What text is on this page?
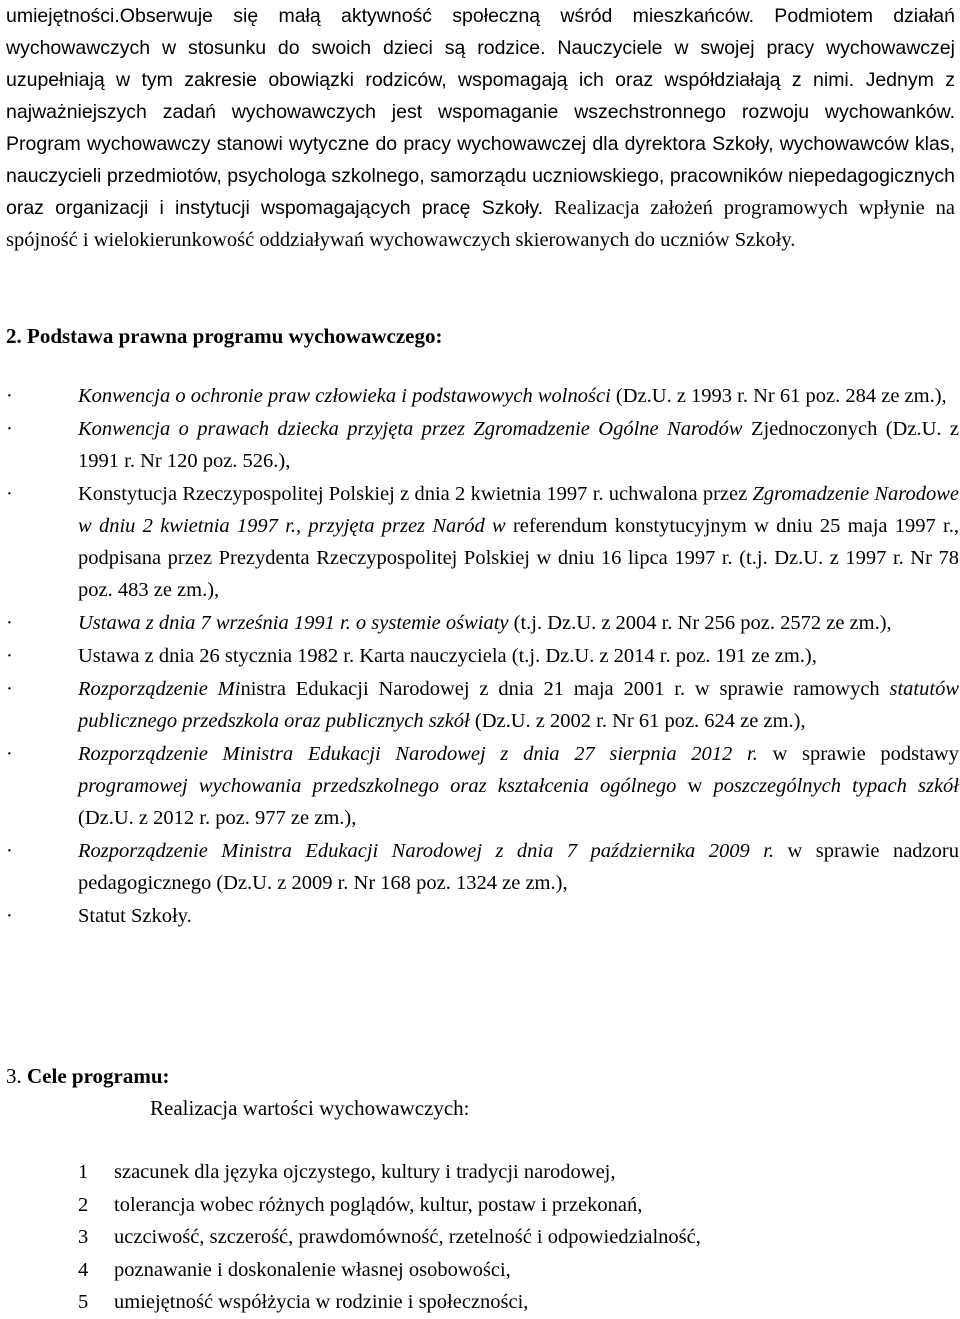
umiejętności.Obserwuje się małą aktywność społeczną wśród mieszkańców. Podmiotem działań wychowawczych w stosunku do swoich dzieci są rodzice. Nauczyciele w swojej pracy wychowawczej uzupełniają w tym zakresie obowiązki rodziców, wspomagają ich oraz współdziałają z nimi. Jednym z najważniejszych zadań wychowawczych jest wspomaganie wszechstronnego rozwoju wychowanków. Program wychowawczy stanowi wytyczne do pracy wychowawczej dla dyrektora Szkoły, wychowawców klas, nauczycieli przedmiotów, psychologa szkolnego, samorządu uczniowskiego, pracowników niepedagogicznych oraz organizacji i instytucji wspomagających pracę Szkoły. Realizacja założeń programowych wpłynie na spójność i wielokierunkowość oddziaływań wychowawczych skierowanych do uczniów Szkoły.

2. Podstawa prawna programu wychowawczego:

·	Konwencja o ochronie praw człowieka i podstawowych wolności (Dz.U. z 1993 r. Nr 61 poz. 284 ze zm.),
·	Konwencja o prawach dziecka przyjęta przez Zgromadzenie Ogólne Narodów Zjednoczonych (Dz.U. z 1991 r. Nr 120 poz. 526.),
·	Konstytucja Rzeczypospolitej Polskiej z dnia 2 kwietnia 1997 r. uchwalona przez Zgromadzenie Narodowe w dniu 2 kwietnia 1997 r., przyjęta przez Naród w referendum konstytucyjnym w dniu 25 maja 1997 r., podpisana przez Prezydenta Rzeczypospolitej Polskiej w dniu 16 lipca 1997 r. (t.j. Dz.U. z 1997 r. Nr 78 poz. 483 ze zm.),
·	Ustawa z dnia 7 września 1991 r. o systemie oświaty (t.j. Dz.U. z 2004 r. Nr 256 poz. 2572 ze zm.),
·	Ustawa z dnia 26 stycznia 1982 r. Karta nauczyciela (t.j. Dz.U. z 2014 r. poz. 191 ze zm.),
·	Rozporządzenie Ministra Edukacji Narodowej z dnia 21 maja 2001 r. w sprawie ramowych statutów publicznego przedszkola oraz publicznych szkół (Dz.U. z 2002 r. Nr 61 poz. 624 ze zm.),
·	Rozporządzenie Ministra Edukacji Narodowej z dnia 27 sierpnia 2012 r. w sprawie podstawy programowej wychowania przedszkolnego oraz kształcenia ogólnego w poszczególnych typach szkół (Dz.U. z 2012 r. poz. 977 ze zm.),
·	Rozporządzenie Ministra Edukacji Narodowej z dnia 7 października 2009 r. w sprawie nadzoru pedagogicznego (Dz.U. z 2009 r. Nr 168 poz. 1324 ze zm.),
·	Statut Szkoły.

3. Cele programu:

Realizacja wartości wychowawczych:

1 szacunek dla języka ojczystego, kultury i tradycji narodowej,
2 tolerancja wobec różnych poglądów, kultur, postaw i przekonań,
3 uczciwość, szczerość, prawdomówność, rzetelność i odpowiedzialność,
4 poznawanie i doskonalenie własnej osobowości,
5 umiejętność współżycia w rodzinie i społeczności,
